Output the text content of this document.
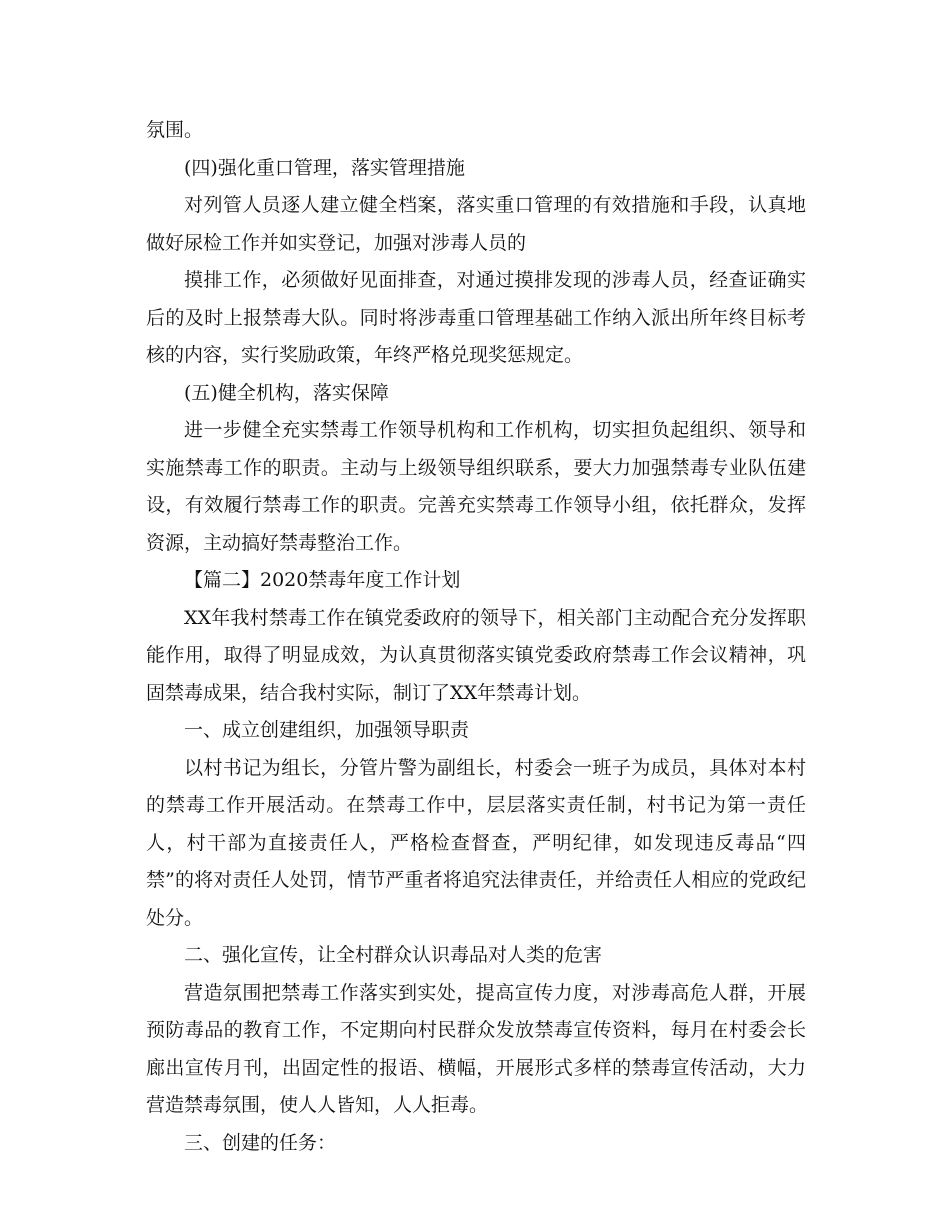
氛围。

(四)强化重口管理，落实管理措施

对列管人员逐人建立健全档案，落实重口管理的有效措施和手段，认真地做好尿检工作并如实登记，加强对涉毒人员的

摸排工作，必须做好见面排查，对通过摸排发现的涉毒人员，经查证确实后的及时上报禁毒大队。同时将涉毒重口管理基础工作纳入派出所年终目标考核的内容，实行奖励政策，年终严格兑现奖惩规定。

(五)健全机构，落实保障

进一步健全充实禁毒工作领导机构和工作机构，切实担负起组织、领导和实施禁毒工作的职责。主动与上级领导组织联系，要大力加强禁毒专业队伍建设，有效履行禁毒工作的职责。完善充实禁毒工作领导小组，依托群众，发挥资源，主动搞好禁毒整治工作。

【篇二】2020禁毒年度工作计划

XX年我村禁毒工作在镇党委政府的领导下，相关部门主动配合充分发挥职能作用，取得了明显成效，为认真贯彻落实镇党委政府禁毒工作会议精神，巩固禁毒成果，结合我村实际，制订了XX年禁毒计划。

一、成立创建组织，加强领导职责

以村书记为组长，分管片警为副组长，村委会一班子为成员，具体对本村的禁毒工作开展活动。在禁毒工作中，层层落实责任制，村书记为第一责任人，村干部为直接责任人，严格检查督查，严明纪律，如发现违反毒品“四禁”的将对责任人处罚，情节严重者将追究法律责任，并给责任人相应的党政纪处分。

二、强化宣传，让全村群众认识毒品对人类的危害

营造氛围把禁毒工作落实到实处，提高宣传力度，对涉毒高危人群，开展预防毒品的教育工作，不定期向村民群众发放禁毒宣传资料，每月在村委会长廊出宣传月刊，出固定性的报语、横幅，开展形式多样的禁毒宣传活动，大力营造禁毒氛围，使人人皆知，人人拒毒。

三、创建的任务：
